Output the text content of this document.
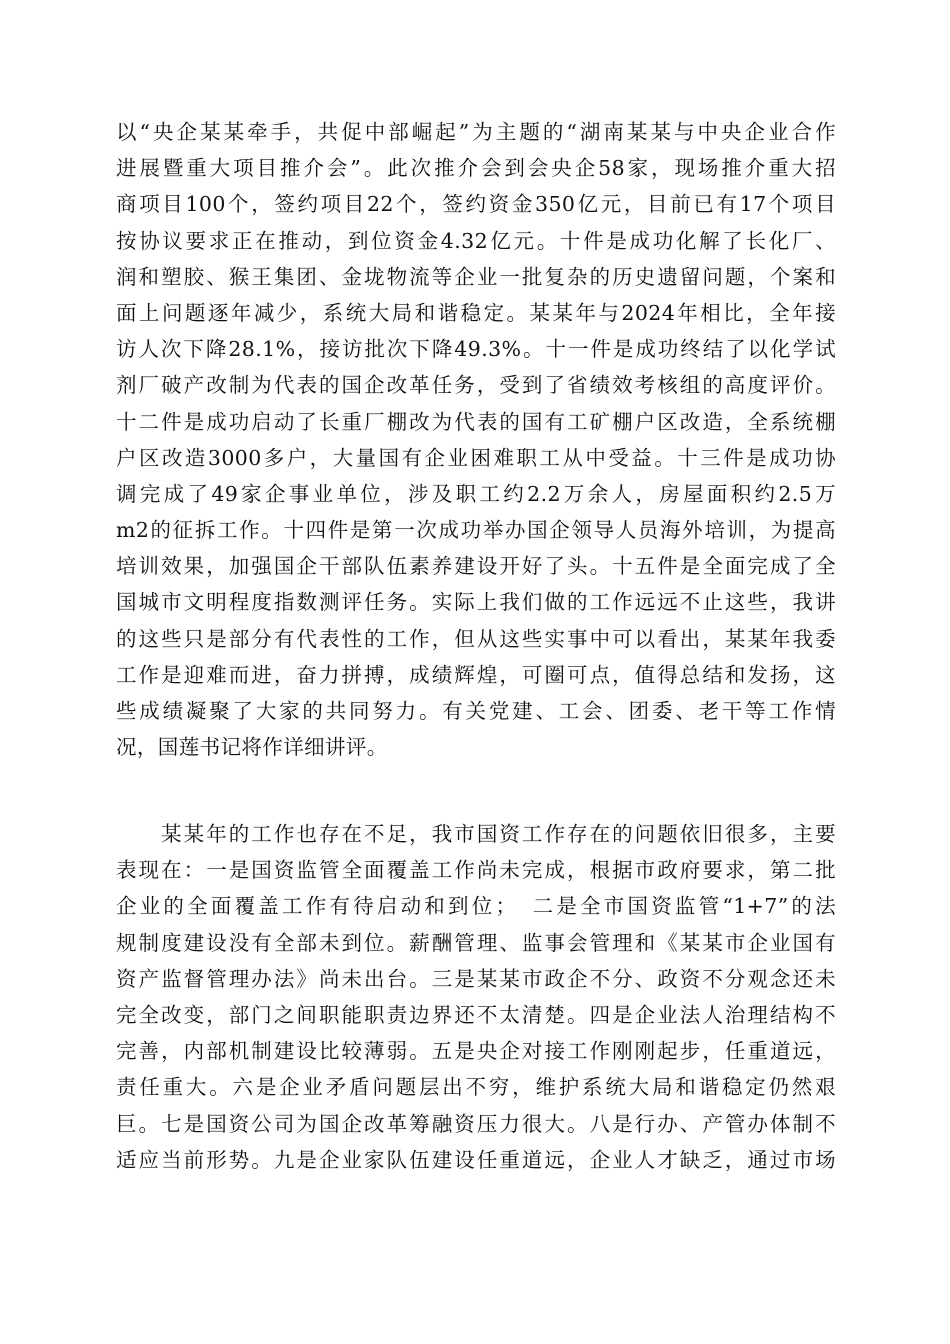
以“央企某某牵手，共促中部崛起”为主题的“湖南某某与中央企业合作
进展暨重大项目推介会”。此次推介会到会央企58家，现场推介重大招
商项目100个，签约项目22个，签约资金350亿元，目前已有17个项目
按协议要求正在推动，到位资金4.32亿元。十件是成功化解了长化厂、
润和塑胶、猴王集团、金垅物流等企业一批复杂的历史遗留问题，个案和
面上问题逐年减少，系统大局和谐稳定。某某年与2024年相比，全年接
访人次下降28.1%，接访批次下降49.3%。十一件是成功终结了以化学试
剂厂破产改制为代表的国企改革任务，受到了省绩效考核组的高度评价。
十二件是成功启动了长重厂棚改为代表的国有工矿棚户区改造，全系统棚
户区改造3000多户，大量国有企业困难职工从中受益。十三件是成功协
调完成了49家企事业单位，涉及职工约2.2万余人，房屋面积约2.5万
m2的征拆工作。十四件是第一次成功举办国企领导人员海外培训，为提高
培训效果，加强国企干部队伍素养建设开好了头。十五件是全面完成了全
国城市文明程度指数测评任务。实际上我们做的工作远远不止这些，我讲
的这些只是部分有代表性的工作，但从这些实事中可以看出，某某年我委
工作是迎难而进，奋力拼搏，成绩辉煌，可圈可点，值得总结和发扬，这
些成绩凝聚了大家的共同努力。有关党建、工会、团委、老干等工作情
况，国莲书记将作详细讲评。
　　某某年的工作也存在不足，我市国资工作存在的问题依旧很多，主要
表现在：一是国资监管全面覆盖工作尚未完成，根据市政府要求，第二批
企业的全面覆盖工作有待启动和到位；　二是全市国资监管“1+7”的法
规制度建设没有全部未到位。薪酬管理、监事会管理和《某某市企业国有
资产监督管理办法》尚未出台。三是某某市政企不分、政资不分观念还未
完全改变，部门之间职能职责边界还不太清楚。四是企业法人治理结构不
完善，内部机制建设比较薄弱。五是央企对接工作刚刚起步，任重道远，
责任重大。六是企业矛盾问题层出不穷，维护系统大局和谐稳定仍然艰
巨。七是国资公司为国企改革筹融资压力很大。八是行办、产管办体制不
适应当前形势。九是企业家队伍建设任重道远，企业人才缺乏，通过市场
